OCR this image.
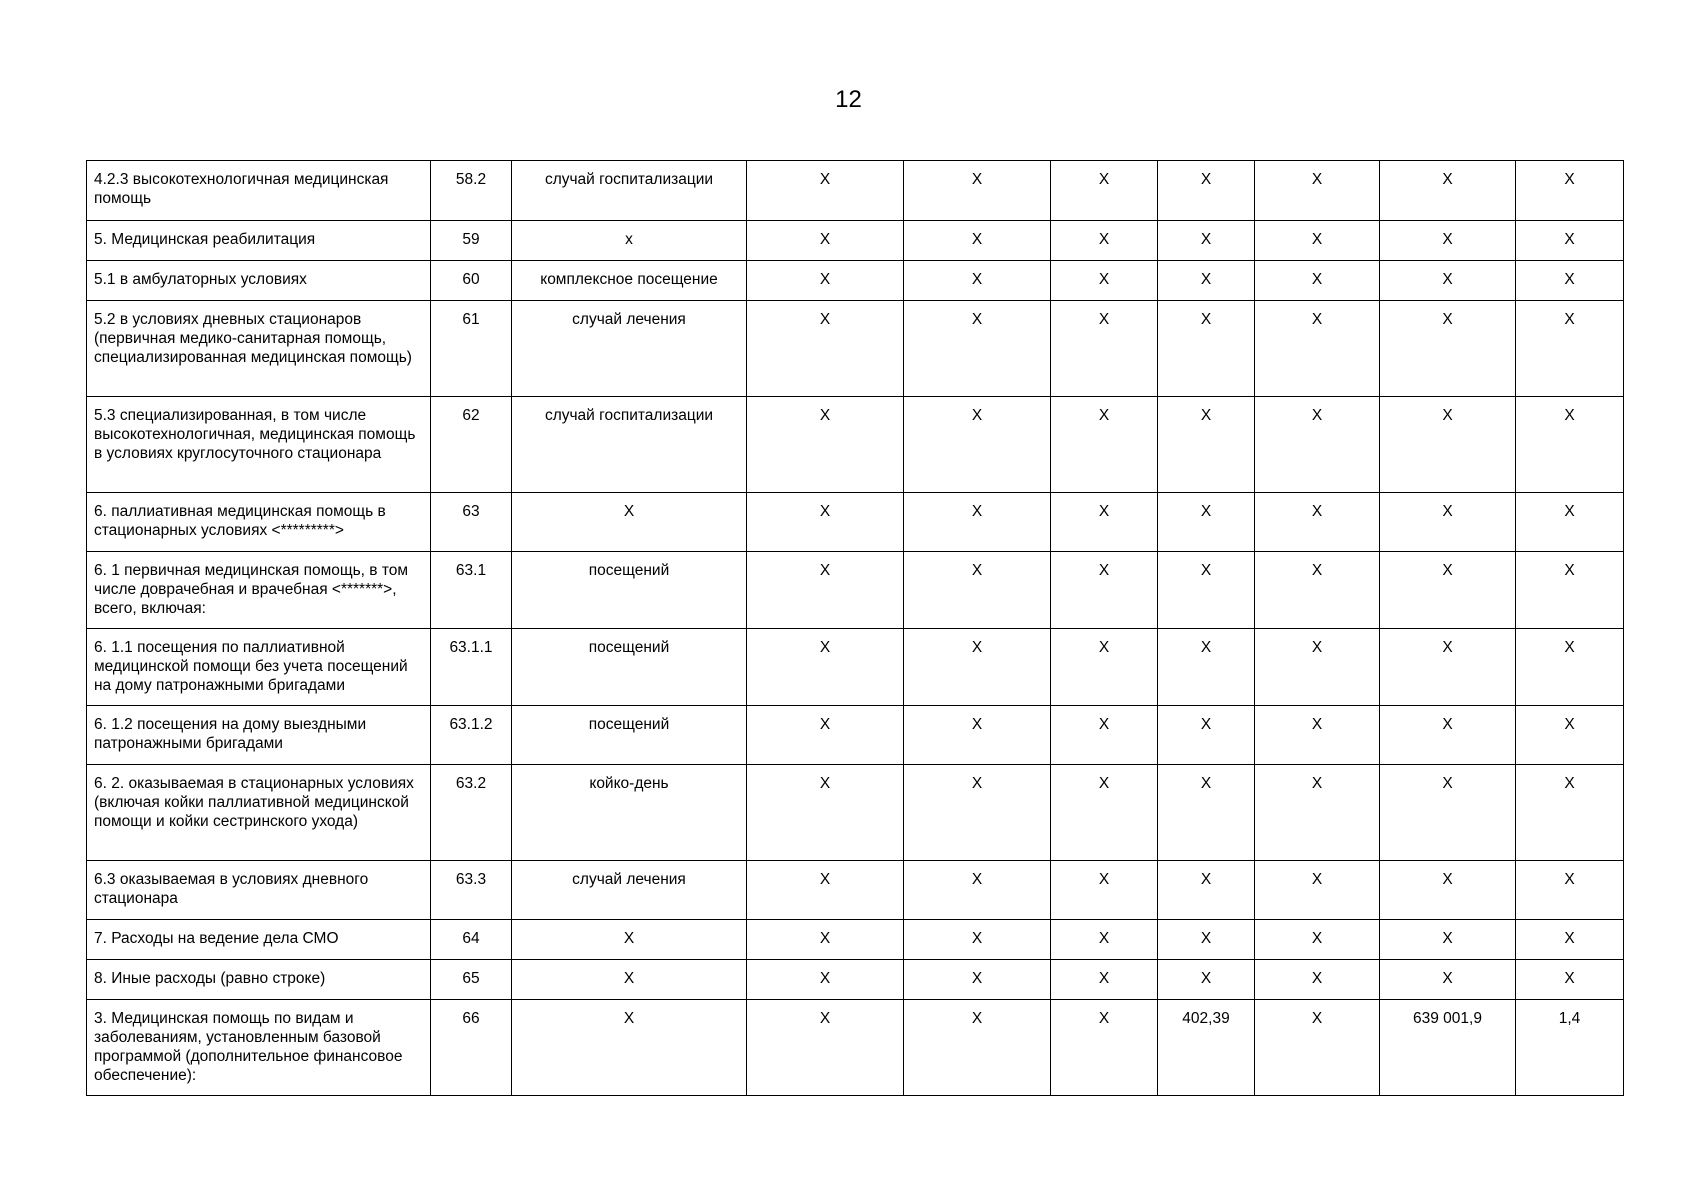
12
4.2.3 высокотехнологичная медицинская помощь	58.2	случай госпитализации	X	X	X	X	X	X	X
5. Медицинская реабилитация	59	х	X	X	X	X	X	X	X
5.1 в амбулаторных условиях	60	комплексное посещение	X	X	X	X	X	X	X
5.2 в условиях дневных стационаров (первичная медико-санитарная помощь, специализированная медицинская помощь)	61	случай лечения	X	X	X	X	X	X	X
5.3 специализированная, в том числе высокотехнологичная, медицинская помощь в условиях круглосуточного стационара	62	случай госпитализации	X	X	X	X	X	X	X
6. паллиативная медицинская помощь в стационарных условиях <*********>	63	X	X	X	X	X	X	X	X
6. 1 первичная медицинская помощь, в том числе доврачебная и врачебная <*******>, всего, включая:	63.1	посещений	X	X	X	X	X	X	X
6. 1.1 посещения по паллиативной медицинской помощи без учета посещений на дому патронажными бригадами	63.1.1	посещений	X	X	X	X	X	X	X
6. 1.2 посещения на дому выездными патронажными бригадами	63.1.2	посещений	X	X	X	X	X	X	X
6. 2. оказываемая в стационарных условиях (включая койки паллиативной медицинской помощи и койки сестринского ухода)	63.2	койко-день	X	X	X	X	X	X	X
6.3 оказываемая в условиях дневного стационара	63.3	случай лечения	X	X	X	X	X	X	X
7. Расходы на ведение дела СМО	64	X	X	X	X	X	X	X	X
8. Иные расходы (равно строке)	65	X	X	X	X	X	X	X	X
3. Медицинская помощь по видам и заболеваниям, установленным базовой программой (дополнительное финансовое обеспечение):	66	X	X	X	X	402,39	X	639 001,9	1,4
